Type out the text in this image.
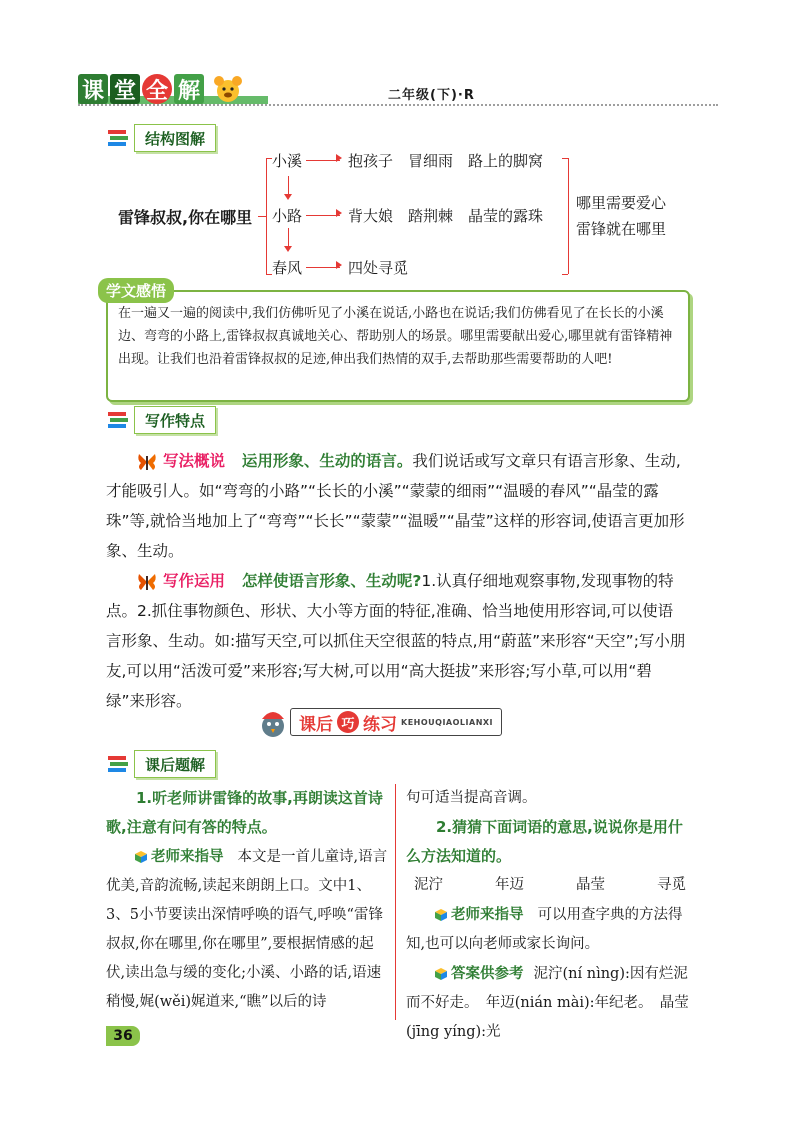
课 堂 全 解	二年级(下)·R
结构图解
雷锋叔叔,你在哪里
小溪	抱孩子　冒细雨　路上的脚窝
小路	背大娘　踏荆棘　晶莹的露珠
春风	四处寻觅
哪里需要爱心
雷锋就在哪里
学文感悟
在一遍又一遍的阅读中,我们仿佛听见了小溪在说话,小路也在说话;我们仿佛看见了在长长的小溪边、弯弯的小路上,雷锋叔叔真诚地关心、帮助别人的场景。哪里需要献出爱心,哪里就有雷锋精神出现。让我们也沿着雷锋叔叔的足迹,伸出我们热情的双手,去帮助那些需要帮助的人吧!
写作特点
写法概说 运用形象、生动的语言。我们说话或写文章只有语言形象、生动,才能吸引人。如“弯弯的小路”“长长的小溪”“蒙蒙的细雨”“温暖的春风”“晶莹的露珠”等,就恰当地加上了“弯弯”“长长”“蒙蒙”“温暖”“晶莹”这样的形容词,使语言更加形象、生动。
写作运用 怎样使语言形象、生动呢?1.认真仔细地观察事物,发现事物的特点。2.抓住事物颜色、形状、大小等方面的特征,准确、恰当地使用形容词,可以使语言形象、生动。如:描写天空,可以抓住天空很蓝的特点,用“蔚蓝”来形容“天空”;写小朋友,可以用“活泼可爱”来形容;写大树,可以用“高大挺拔”来形容;写小草,可以用“碧绿”来形容。
课后 巧 练习 KEHOUQIAOLIANXI
课后题解
1.听老师讲雷锋的故事,再朗读这首诗歌,注意有问有答的特点。
老师来指导 本文是一首儿童诗,语言优美,音韵流畅,读起来朗朗上口。文中1、3、5小节要读出深情呼唤的语气,呼唤“雷锋叔叔,你在哪里,你在哪里”,要根据情感的起伏,读出急与缓的变化;小溪、小路的话,语速稍慢,娓(wěi)娓道来,“瞧”以后的诗
句可适当提高音调。
2.猜猜下面词语的意思,说说你是用什么方法知道的。
泥泞	年迈	晶莹	寻觅
老师来指导 可以用查字典的方法得知,也可以向老师或家长询问。
答案供参考 泥泞(ní nìng):因有烂泥而不好走。　年迈(nián mài):年纪老。　晶莹(jīng yíng):光
36
